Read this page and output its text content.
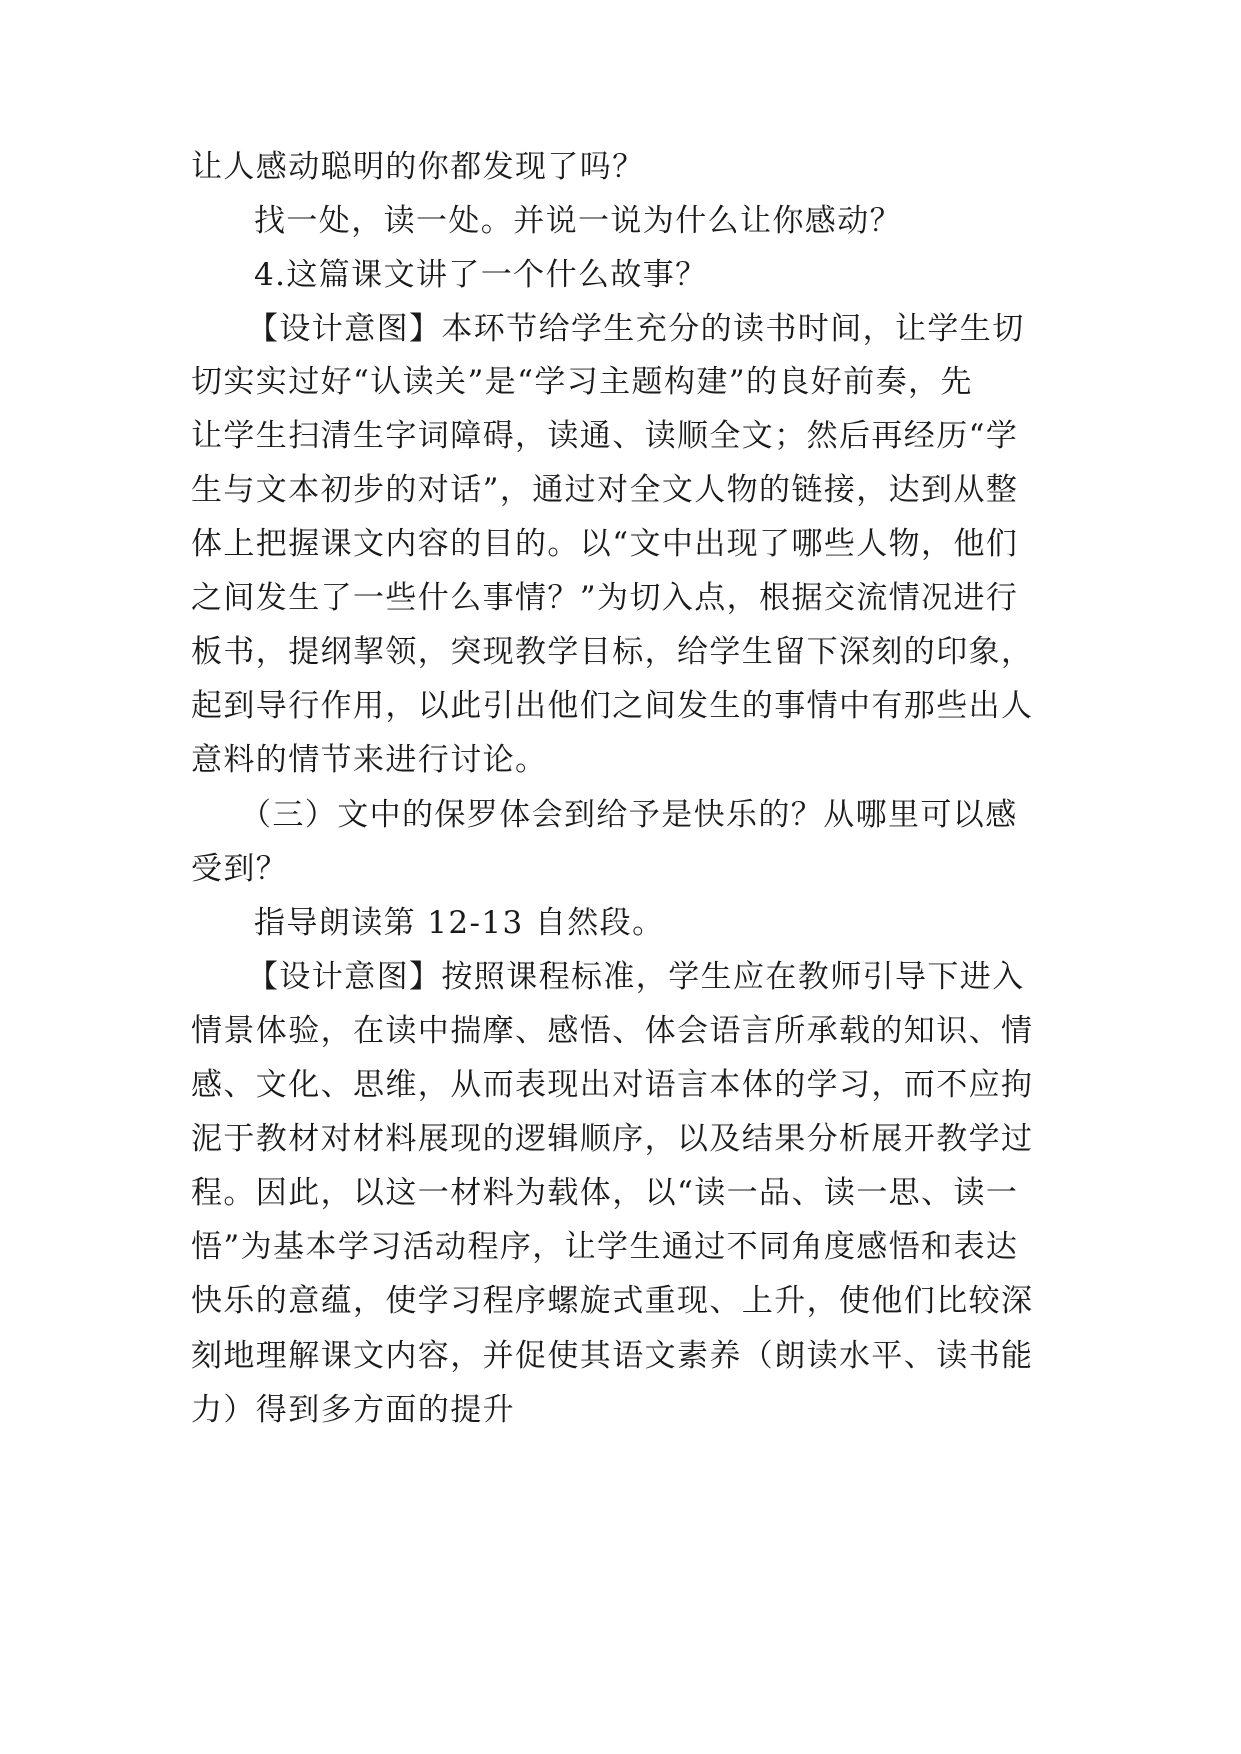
让人感动聪明的你都发现了吗？
找一处，读一处。并说一说为什么让你感动？
4.这篇课文讲了一个什么故事？
【设计意图】本环节给学生充分的读书时间，让学生切
切实实过好“认读关”是“学习主题构建”的良好前奏，先
让学生扫清生字词障碍，读通、读顺全文；然后再经历“学
生与文本初步的对话”，通过对全文人物的链接，达到从整
体上把握课文内容的目的。以“文中出现了哪些人物，他们
之间发生了一些什么事情？”为切入点，根据交流情况进行
板书，提纲挈领，突现教学目标，给学生留下深刻的印象，
起到导行作用，以此引出他们之间发生的事情中有那些出人
意料的情节来进行讨论。
（三）文中的保罗体会到给予是快乐的？从哪里可以感
受到？
指导朗读第 12-13 自然段。
【设计意图】按照课程标准，学生应在教师引导下进入
情景体验，在读中揣摩、感悟、体会语言所承载的知识、情
感、文化、思维，从而表现出对语言本体的学习，而不应拘
泥于教材对材料展现的逻辑顺序，以及结果分析展开教学过
程。因此，以这一材料为载体，以“读一品、读一思、读一
悟”为基本学习活动程序，让学生通过不同角度感悟和表达
快乐的意蕴，使学习程序螺旋式重现、上升，使他们比较深
刻地理解课文内容，并促使其语文素养（朗读水平、读书能
力）得到多方面的提升
